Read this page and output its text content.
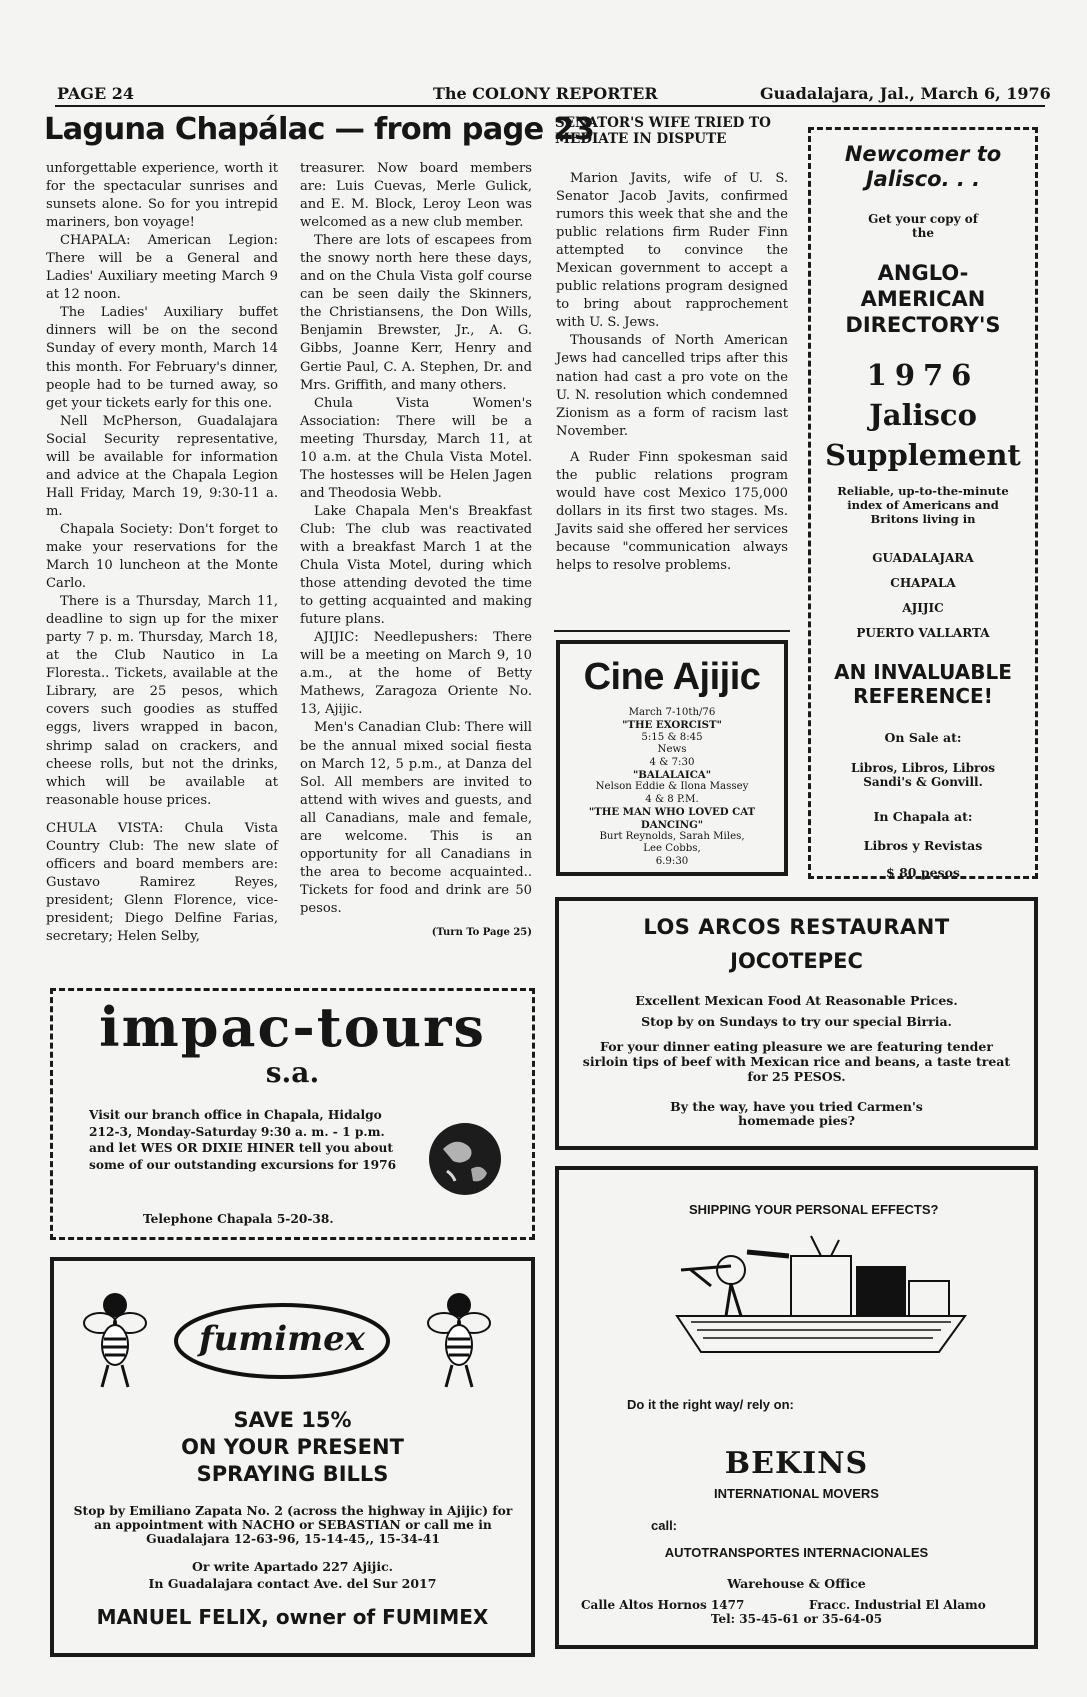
PAGE 24	The COLONY REPORTER	Guadalajara, Jal., March 6, 1976
Laguna Chapálac — from page 23

unforgettable experience, worth it for the spectacular sunrises and sunsets alone. So for you intrepid mariners, bon voyage!

CHAPALA: American Legion: There will be a General and Ladies' Auxiliary meeting March 9 at 12 noon.

The Ladies' Auxiliary buffet dinners will be on the second Sunday of every month, March 14 this month. For February's dinner, people had to be turned away, so get your tickets early for this one.

Nell McPherson, Guadalajara Social Security representative, will be available for information and advice at the Chapala Legion Hall Friday, March 19, 9:30-11 a. m.

Chapala Society: Don't forget to make your reservations for the March 10 luncheon at the Monte Carlo.

There is a Thursday, March 11, deadline to sign up for the mixer party 7 p. m. Thursday, March 18, at the Club Nautico in La Floresta.. Tickets, available at the Library, are 25 pesos, which covers such goodies as stuffed eggs, livers wrapped in bacon, shrimp salad on crackers, and cheese rolls, but not the drinks, which will be available at reasonable house prices.

CHULA VISTA: Chula Vista Country Club: The new slate of officers and board members are: Gustavo Ramirez Reyes, president; Glenn Florence, vice-president; Diego Delfine Farias, secretary; Helen Selby,

treasurer. Now board members are: Luis Cuevas, Merle Gulick, and E. M. Block, Leroy Leon was welcomed as a new club member.

There are lots of escapees from the snowy north here these days, and on the Chula Vista golf course can be seen daily the Skinners, the Christiansens, the Don Wills, Benjamin Brewster, Jr., A. G. Gibbs, Joanne Kerr, Henry and Gertie Paul, C. A. Stephen, Dr. and Mrs. Griffith, and many others.

Chula Vista Women's Association: There will be a meeting Thursday, March 11, at 10 a.m. at the Chula Vista Motel. The hostesses will be Helen Jagen and Theodosia Webb.

Lake Chapala Men's Breakfast Club: The club was reactivated with a breakfast March 1 at the Chula Vista Motel, during which those attending devoted the time to getting acquainted and making future plans.

AJIJIC: Needlepushers: There will be a meeting on March 9, 10 a.m., at the home of Betty Mathews, Zaragoza Oriente No. 13, Ajijic.

Men's Canadian Club: There will be the annual mixed social fiesta on March 12, 5 p.m., at Danza del Sol. All members are invited to attend with wives and guests, and all Canadians, male and female, are welcome. This is an opportunity for all Canadians in the area to become acquainted.. Tickets for food and drink are 50 pesos.

(Turn To Page 25)
SENATOR'S WIFE TRIED TO MEDIATE IN DISPUTE

Marion Javits, wife of U. S. Senator Jacob Javits, confirmed rumors this week that she and the public relations firm Ruder Finn attempted to convince the Mexican government to accept a public relations program designed to bring about rapprochement with U. S. Jews.

Thousands of North American Jews had cancelled trips after this nation had cast a pro vote on the U. N. resolution which condemned Zionism as a form of racism last November.

A Ruder Finn spokesman said the public relations program would have cost Mexico 175,000 dollars in its first two stages. Ms. Javits said she offered her services because "communication always helps to resolve problems.

Cine Ajijic
March 7-10th/76
"THE EXORCIST"
5:15 & 8:45
News
4 & 7:30
"BALALAICA"
Nelson Eddie & Ilona Massey
4 & 8 P.M.
"THE MAN WHO LOVED CAT DANCING"
Burt Reynolds, Sarah Miles,
Lee Cobbs,
6.9:30
Newcomer to Jalisco. . .
Get your copy of the
ANGLO-AMERICAN DIRECTORY'S
1976
Jalisco
Supplement
Reliable, up-to-the-minute index of Americans and Britons living in
GUADALAJARA
CHAPALA
AJIJIC
PUERTO VALLARTA
AN INVALUABLE REFERENCE!
On Sale at:
Libros, Libros, Libros Sandi's & Gonvill.
In Chapala at:
Libros y Revistas
$ 80 pesos
LOS ARCOS RESTAURANT
JOCOTEPEC
Excellent Mexican Food At Reasonable Prices.
Stop by on Sundays to try our special Birria.
For your dinner eating pleasure we are featuring tender sirloin tips of beef with Mexican rice and beans, a taste treat for 25 PESOS.
By the way, have you tried Carmen's homemade pies?
impac-tours
s.a.
Visit our branch office in Chapala, Hidalgo 212-3, Monday-Saturday 9:30 a. m. - 1 p.m. and let WES OR DIXIE HINER tell you about some of our outstanding excursions for 1976
Telephone Chapala 5-20-38.
fumimex
SAVE 15%
ON YOUR PRESENT
SPRAYING BILLS
Stop by Emiliano Zapata No. 2 (across the highway in Ajijic) for an appointment with NACHO or SEBASTIAN or call me in Guadalajara 12-63-96, 15-14-45,, 15-34-41
Or write Apartado 227 Ajijic.
In Guadalajara contact Ave. del Sur 2017
MANUEL FELIX, owner of FUMIMEX
SHIPPING YOUR PERSONAL EFFECTS?
Do it the right way/ rely on:
BEKINS
INTERNATIONAL MOVERS
call:
AUTOTRANSPORTES INTERNACIONALES
Warehouse & Office
Calle Altos Hornos 1477	Fracc. Industrial El Alamo
Tel: 35-45-61 or 35-64-05
